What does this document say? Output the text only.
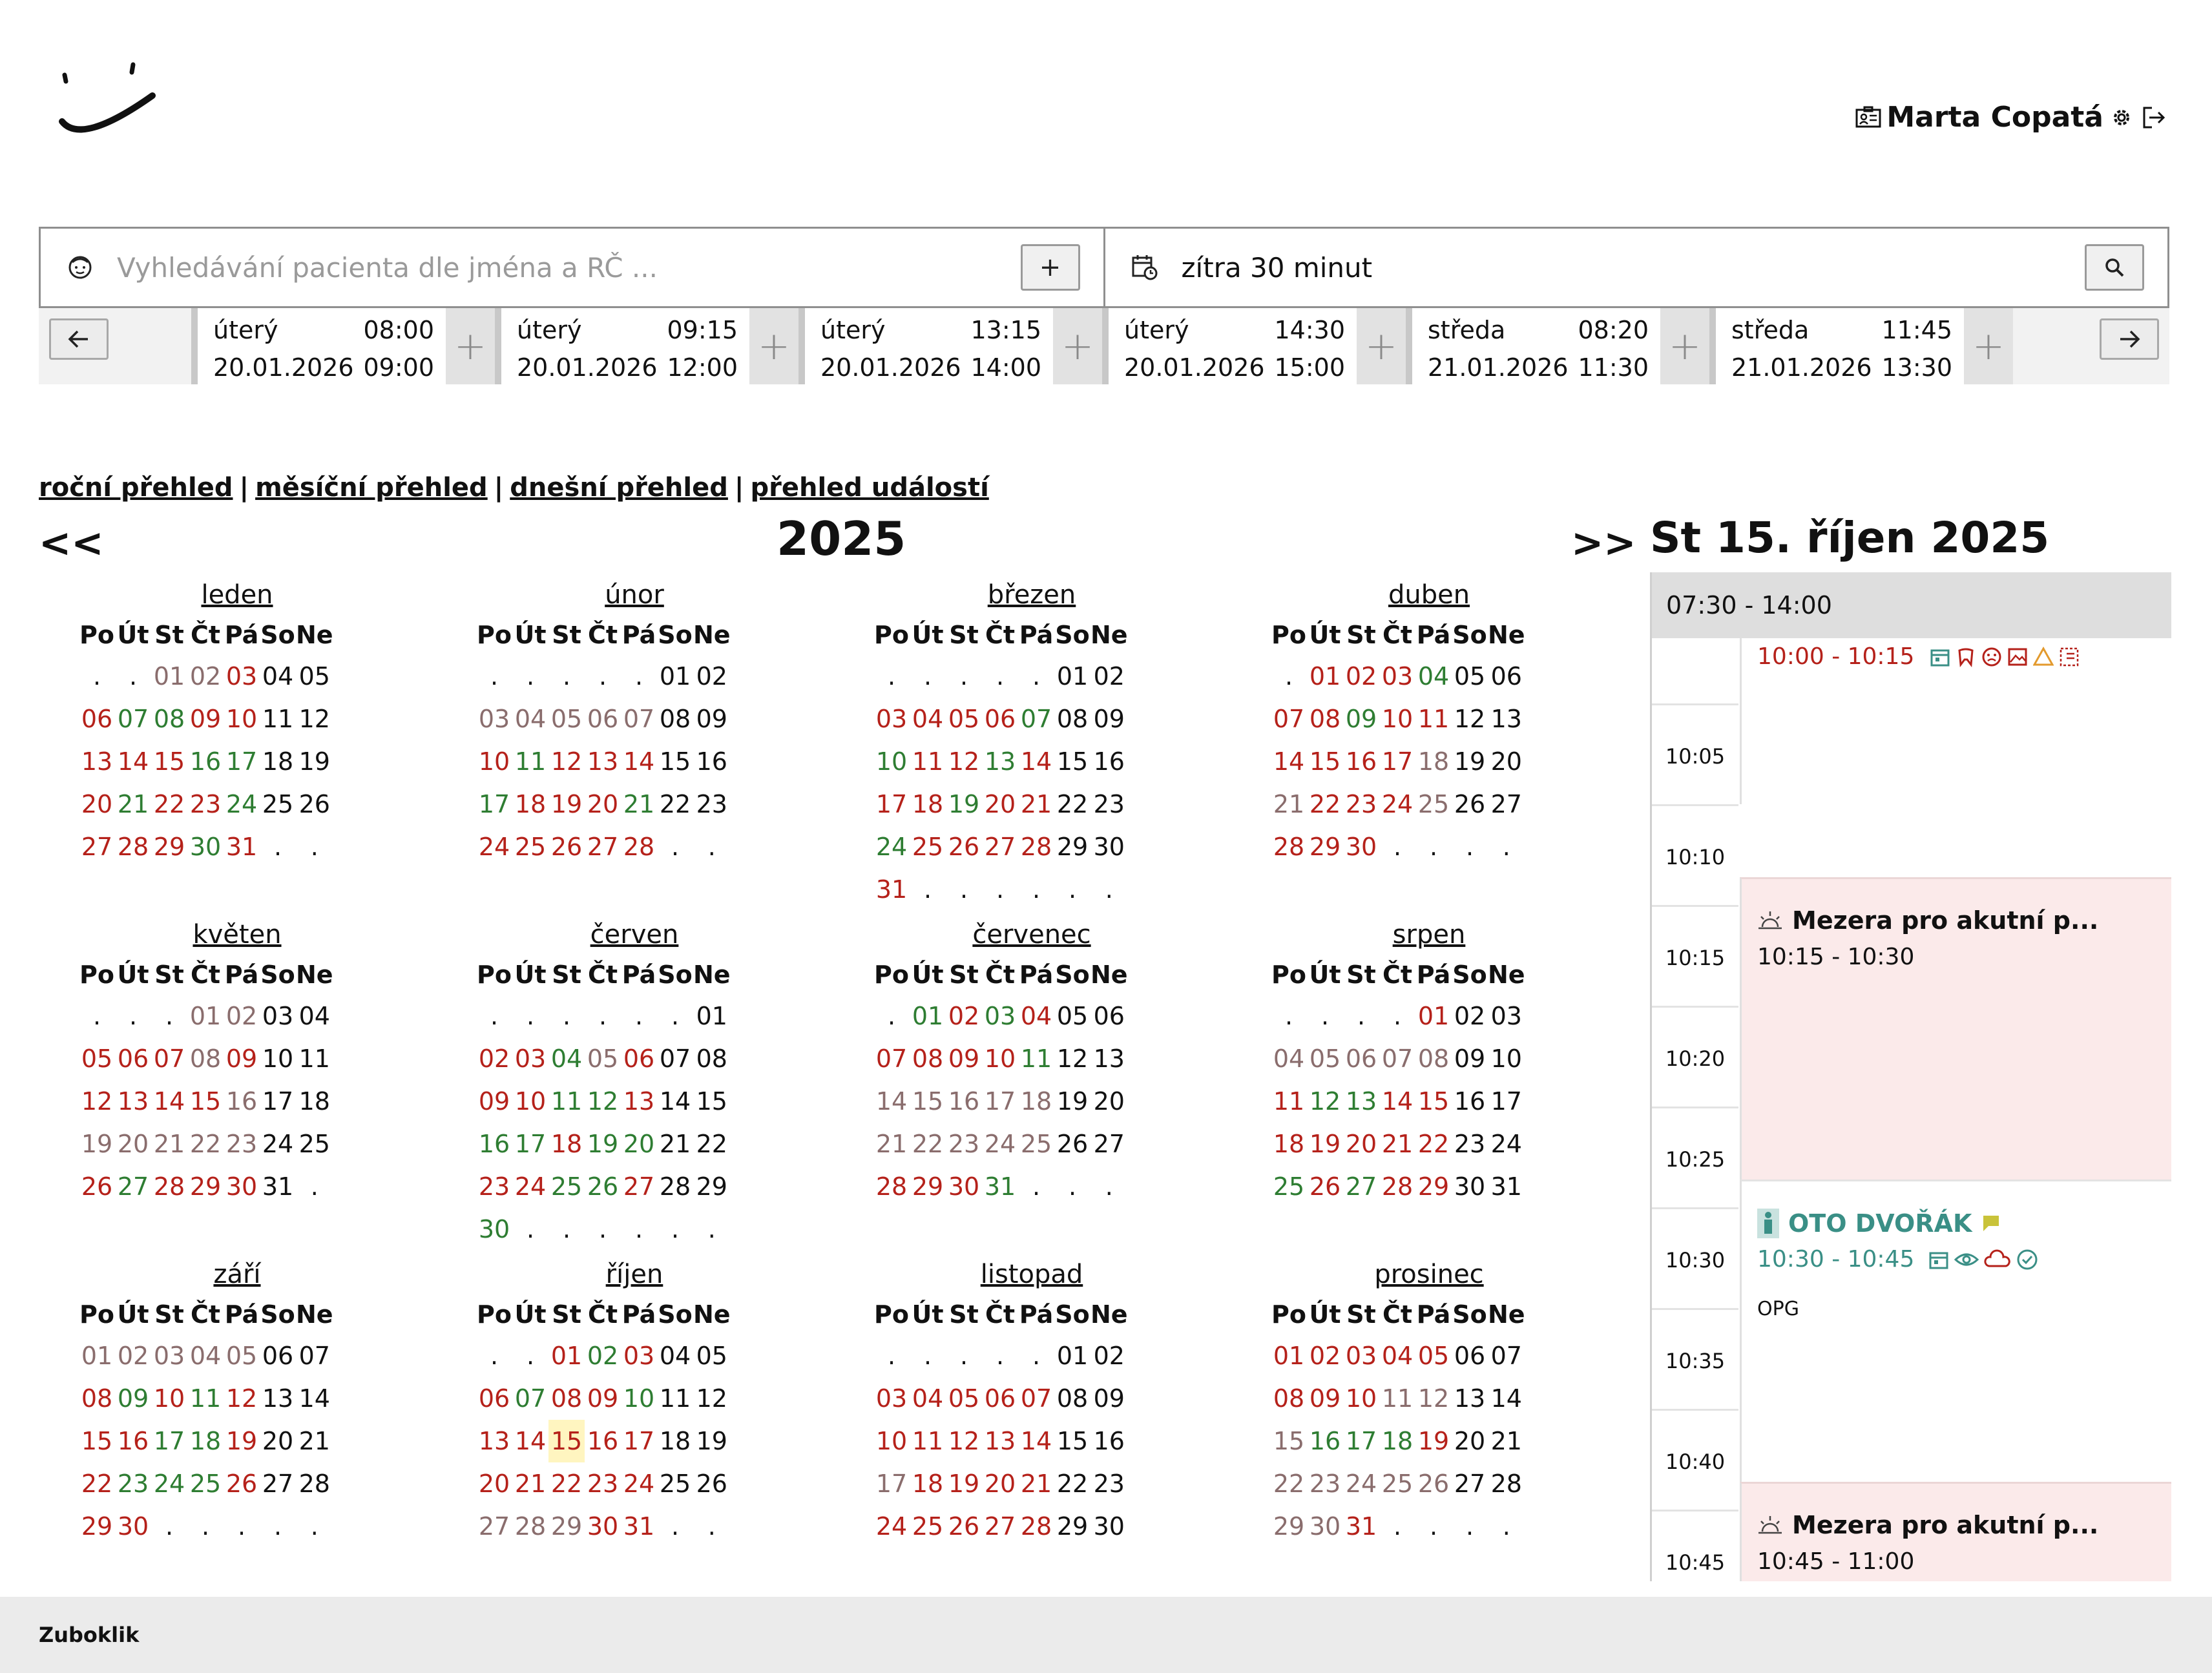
Marta Copatá
Vyhledávání pacienta dle jména a RČ ...
+
zítra 30 minut
úterý	08:00
20.01.2026 09:00 +	úterý	09:15
20.01.2026 12:00 +	úterý	13:15
20.01.2026 14:00 +	úterý	14:30
20.01.2026 15:00 +	středa	08:20
21.01.2026 11:30 +	středa	11:45
21.01.2026 13:30 +
roční přehled | měsíční přehled | dnešní přehled | přehled událostí
<<	2025	>>
leden
Po	Út	St	Čt	Pá	So	Ne
.	.	01	02	03	04	05
06	07	08	09	10	11	12
13	14	15	16	17	18	19
20	21	22	23	24	25	26
27	28	29	30	31	.	.
únor
Po	Út	St	Čt	Pá	So	Ne
.	.	.	.	.	01	02
03	04	05	06	07	08	09
10	11	12	13	14	15	16
17	18	19	20	21	22	23
24	25	26	27	28	.	.
březen
Po	Út	St	Čt	Pá	So	Ne
.	.	.	.	.	01	02
03	04	05	06	07	08	09
10	11	12	13	14	15	16
17	18	19	20	21	22	23
24	25	26	27	28	29	30
31	.	.	.	.	.	.
duben
Po	Út	St	Čt	Pá	So	Ne
.	01	02	03	04	05	06
07	08	09	10	11	12	13
14	15	16	17	18	19	20
21	22	23	24	25	26	27
28	29	30	.	.	.	.
květen
Po	Út	St	Čt	Pá	So	Ne
.	.	.	01	02	03	04
05	06	07	08	09	10	11
12	13	14	15	16	17	18
19	20	21	22	23	24	25
26	27	28	29	30	31	.
červen
Po	Út	St	Čt	Pá	So	Ne
.	.	.	.	.	.	01
02	03	04	05	06	07	08
09	10	11	12	13	14	15
16	17	18	19	20	21	22
23	24	25	26	27	28	29
30	.	.	.	.	.	.
červenec
Po	Út	St	Čt	Pá	So	Ne
.	01	02	03	04	05	06
07	08	09	10	11	12	13
14	15	16	17	18	19	20
21	22	23	24	25	26	27
28	29	30	31	.	.	.
srpen
Po	Út	St	Čt	Pá	So	Ne
.	.	.	.	01	02	03
04	05	06	07	08	09	10
11	12	13	14	15	16	17
18	19	20	21	22	23	24
25	26	27	28	29	30	31
září
Po	Út	St	Čt	Pá	So	Ne
01	02	03	04	05	06	07
08	09	10	11	12	13	14
15	16	17	18	19	20	21
22	23	24	25	26	27	28
29	30	.	.	.	.	.
říjen
Po	Út	St	Čt	Pá	So	Ne
.	.	01	02	03	04	05
06	07	08	09	10	11	12
13	14	15	16	17	18	19
20	21	22	23	24	25	26
27	28	29	30	31	.	.
listopad
Po	Út	St	Čt	Pá	So	Ne
.	.	.	.	.	01	02
03	04	05	06	07	08	09
10	11	12	13	14	15	16
17	18	19	20	21	22	23
24	25	26	27	28	29	30
prosinec
Po	Út	St	Čt	Pá	So	Ne
01	02	03	04	05	06	07
08	09	10	11	12	13	14
15	16	17	18	19	20	21
22	23	24	25	26	27	28
29	30	31	.	.	.	.
St 15. říjen 2025
07:30 - 14:00
10:00 - 10:15
10:05
10:10
10:15
10:20
10:25
10:30
10:35
10:40
10:45
Mezera pro akutní p...
10:15 - 10:30
OTO DVOŘÁK
10:30 - 10:45
OPG
Mezera pro akutní p...
10:45 - 11:00
Zuboklik
